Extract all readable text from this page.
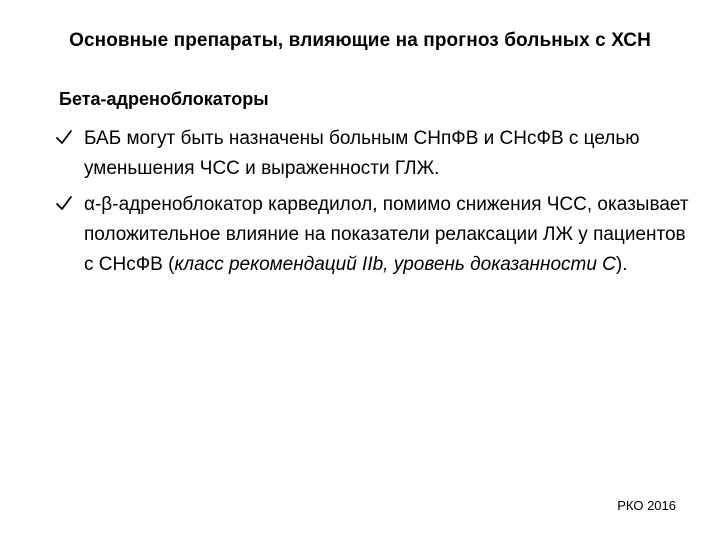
Основные препараты, влияющие на прогноз больных с ХСН
Бета-адреноблокаторы
БАБ могут быть назначены больным СНпФВ и СНсФВ с целью уменьшения ЧСС и выраженности ГЛЖ.
α-β-адреноблокатор карведилол, помимо снижения ЧСС, оказывает положительное влияние на показатели релаксации ЛЖ у пациентов с СНсФВ (класс рекомендаций IIb, уровень доказанности С).
РКО 2016
